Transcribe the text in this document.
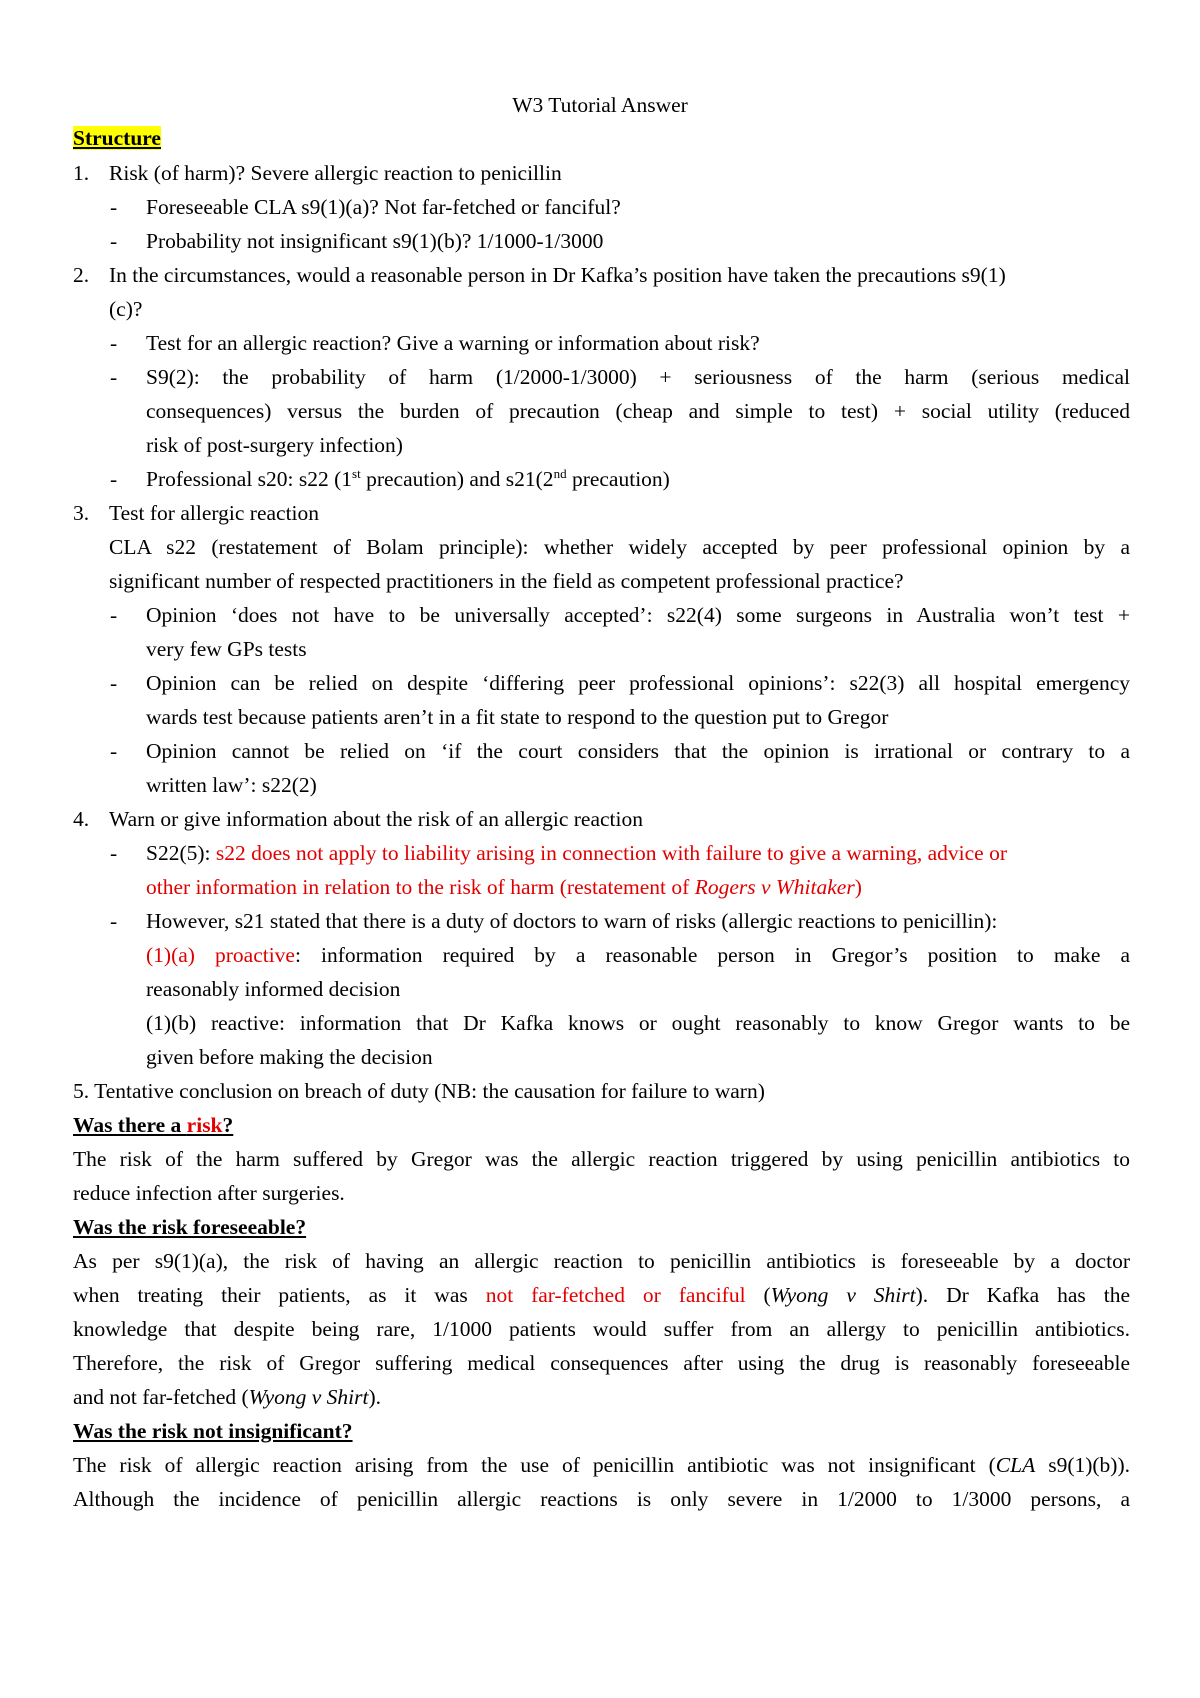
W3 Tutorial Answer
Structure
1. Risk (of harm)? Severe allergic reaction to penicillin
- Foreseeable CLA s9(1)(a)? Not far-fetched or fanciful?
- Probability not insignificant s9(1)(b)? 1/1000-1/3000
2. In the circumstances, would a reasonable person in Dr Kafka’s position have taken the precautions s9(1)
(c)?
- Test for an allergic reaction? Give a warning or information about risk?
- S9(2): the probability of harm (1/2000-1/3000) + seriousness of the harm (serious medical
consequences) versus the burden of precaution (cheap and simple to test) + social utility (reduced
risk of post-surgery infection)
- Professional s20: s22 (1st precaution) and s21(2nd precaution)
3. Test for allergic reaction
CLA s22 (restatement of Bolam principle): whether widely accepted by peer professional opinion by a
significant number of respected practitioners in the field as competent professional practice?
- Opinion ‘does not have to be universally accepted’: s22(4) some surgeons in Australia won’t test +
very few GPs tests
- Opinion can be relied on despite ‘differing peer professional opinions’: s22(3) all hospital emergency
wards test because patients aren’t in a fit state to respond to the question put to Gregor
- Opinion cannot be relied on ‘if the court considers that the opinion is irrational or contrary to a
written law’: s22(2)
4. Warn or give information about the risk of an allergic reaction
- S22(5): s22 does not apply to liability arising in connection with failure to give a warning, advice or
other information in relation to the risk of harm (restatement of Rogers v Whitaker)
- However, s21 stated that there is a duty of doctors to warn of risks (allergic reactions to penicillin):
(1)(a) proactive: information required by a reasonable person in Gregor’s position to make a
reasonably informed decision
(1)(b) reactive: information that Dr Kafka knows or ought reasonably to know Gregor wants to be
given before making the decision
5. Tentative conclusion on breach of duty (NB: the causation for failure to warn)
Was there a risk?
The risk of the harm suffered by Gregor was the allergic reaction triggered by using penicillin antibiotics to
reduce infection after surgeries.
Was the risk foreseeable?
As per s9(1)(a), the risk of having an allergic reaction to penicillin antibiotics is foreseeable by a doctor
when treating their patients, as it was not far-fetched or fanciful (Wyong v Shirt). Dr Kafka has the
knowledge that despite being rare, 1/1000 patients would suffer from an allergy to penicillin antibiotics.
Therefore, the risk of Gregor suffering medical consequences after using the drug is reasonably foreseeable
and not far-fetched (Wyong v Shirt).
Was the risk not insignificant?
The risk of allergic reaction arising from the use of penicillin antibiotic was not insignificant (CLA s9(1)(b)).
Although the incidence of penicillin allergic reactions is only severe in 1/2000 to 1/3000 persons, a
